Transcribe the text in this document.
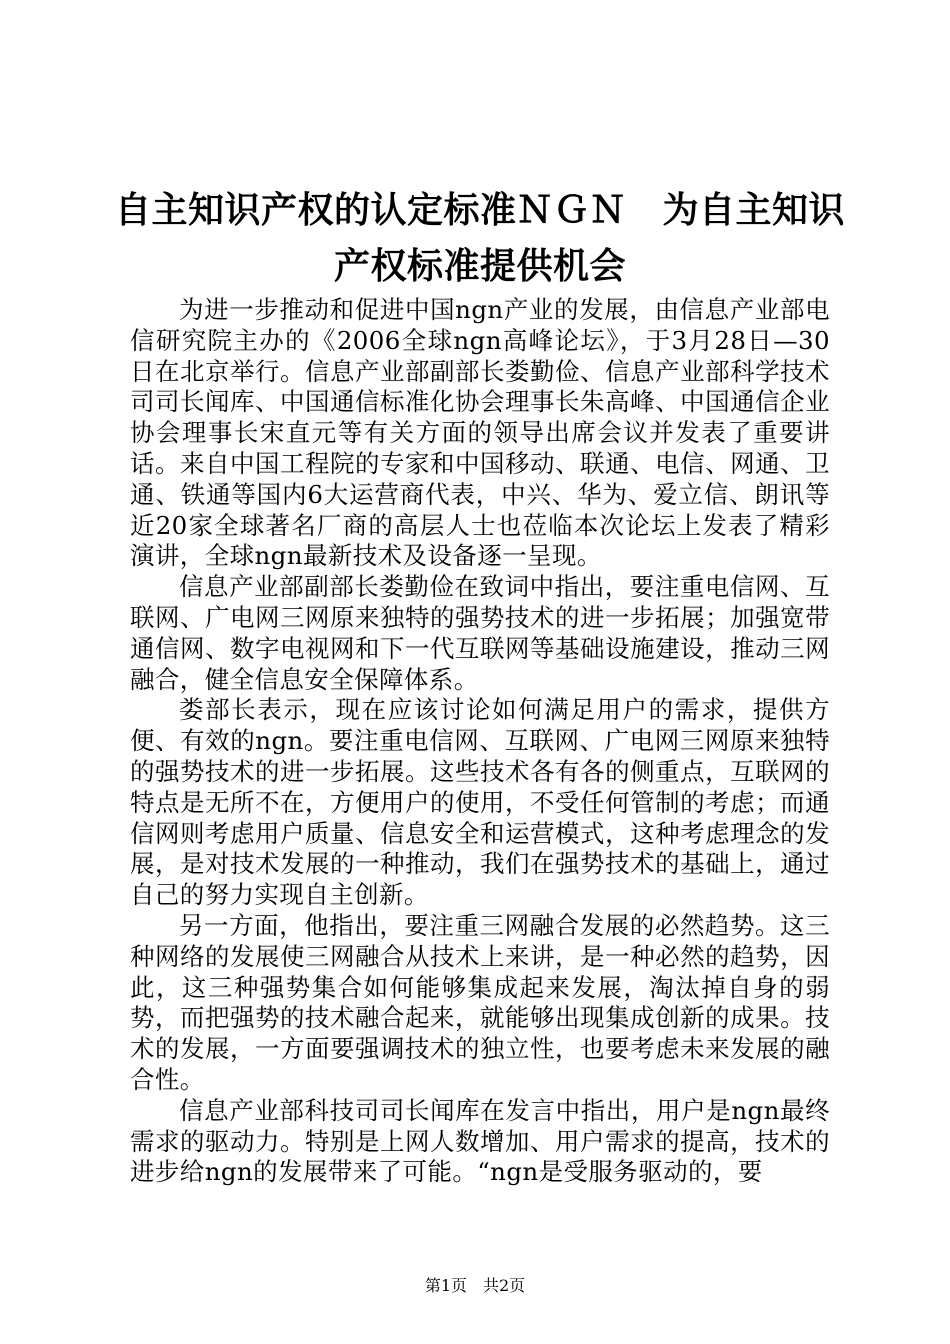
自主知识产权的认定标准ＮＧＮ　为自主知识
产权标准提供机会

为进一步推动和促进中国ngn产业的发展，由信息产业部电信研究院主办的《2006全球ngn高峰论坛》，于3月28日—30日在北京举行。信息产业部副部长娄勤俭、信息产业部科学技术司司长闻库、中国通信标准化协会理事长朱高峰、中国通信企业协会理事长宋直元等有关方面的领导出席会议并发表了重要讲话。来自中国工程院的专家和中国移动、联通、电信、网通、卫通、铁通等国内6大运营商代表，中兴、华为、爱立信、朗讯等近20家全球著名厂商的高层人士也莅临本次论坛上发表了精彩演讲，全球ngn最新技术及设备逐一呈现。

信息产业部副部长娄勤俭在致词中指出，要注重电信网、互联网、广电网三网原来独特的强势技术的进一步拓展；加强宽带通信网、数字电视网和下一代互联网等基础设施建设，推动三网融合，健全信息安全保障体系。

娄部长表示，现在应该讨论如何满足用户的需求，提供方便、有效的ngn。要注重电信网、互联网、广电网三网原来独特的强势技术的进一步拓展。这些技术各有各的侧重点，互联网的特点是无所不在，方便用户的使用，不受任何管制的考虑；而通信网则考虑用户质量、信息安全和运营模式，这种考虑理念的发展，是对技术发展的一种推动，我们在强势技术的基础上，通过自己的努力实现自主创新。

另一方面，他指出，要注重三网融合发展的必然趋势。这三种网络的发展使三网融合从技术上来讲，是一种必然的趋势，因此，这三种强势集合如何能够集成起来发展，淘汰掉自身的弱势，而把强势的技术融合起来，就能够出现集成创新的成果。技术的发展，一方面要强调技术的独立性，也要考虑未来发展的融合性。

信息产业部科技司司长闻库在发言中指出，用户是ngn最终需求的驱动力。特别是上网人数增加、用户需求的提高，技术的进步给ngn的发展带来了可能。“ngn是受服务驱动的，要

第1页　共2页
